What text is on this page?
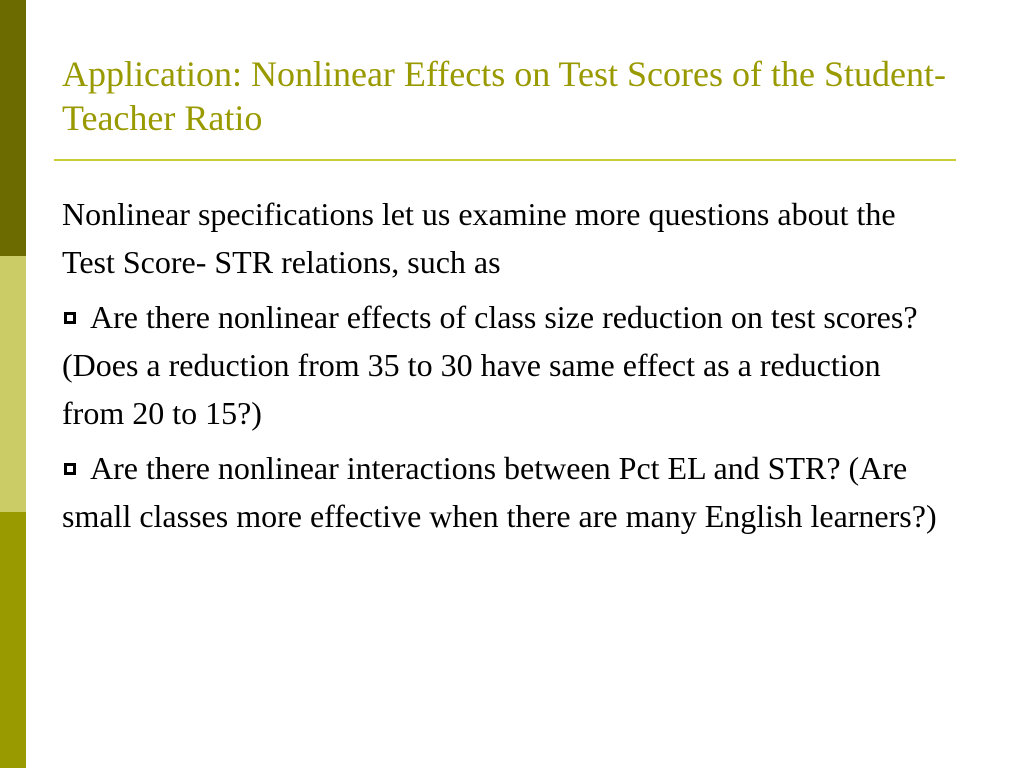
Application: Nonlinear Effects on Test Scores of the Student-Teacher Ratio

Nonlinear specifications let us examine more questions about the Test Score- STR relations, such as

Are there nonlinear effects of class size reduction on test scores? (Does a reduction from 35 to 30 have same effect as a reduction from 20 to 15?)

Are there nonlinear interactions between Pct EL and STR? (Are small classes more effective when there are many English learners?)
